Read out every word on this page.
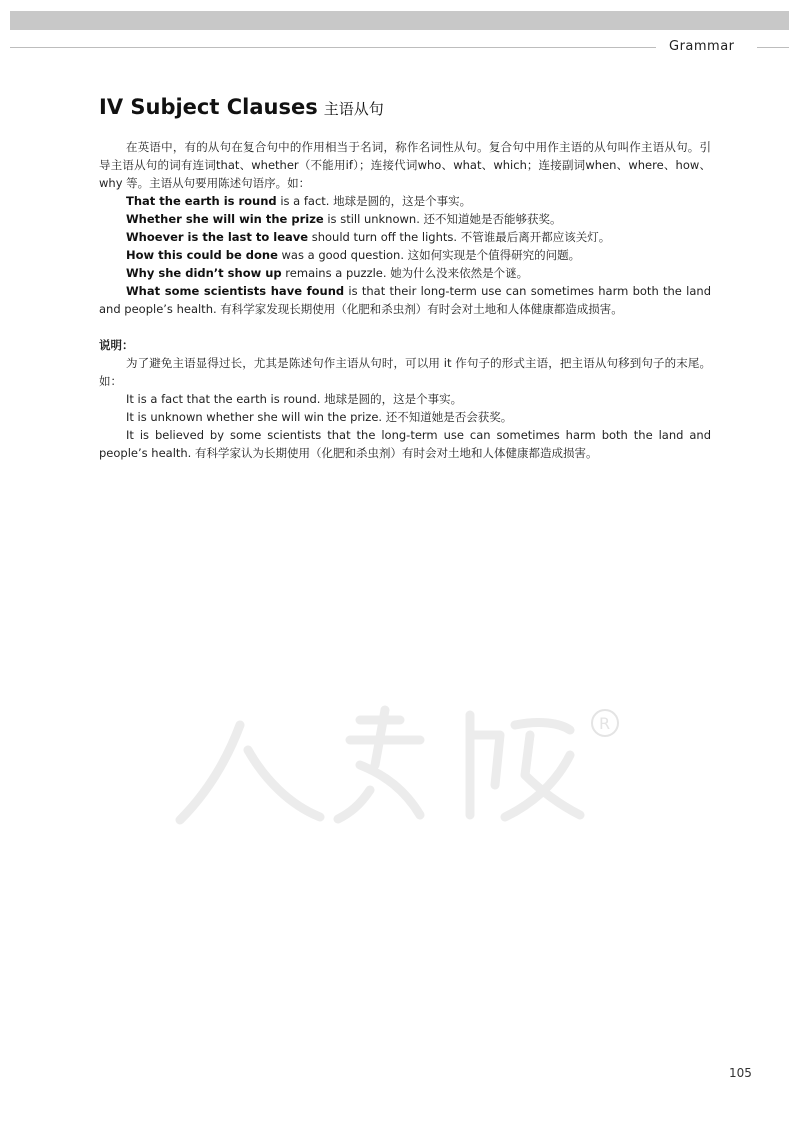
Grammar
IV Subject Clauses 主语从句

在英语中，有的从句在复合句中的作用相当于名词，称作名词性从句。复合句中用作主语的从句叫作主语从句。引导主语从句的词有连词that、whether（不能用if）；连接代词who、what、which；连接副词when、where、how、why 等。主语从句要用陈述句语序。如：

That the earth is round is a fact. 地球是圆的，这是个事实。

Whether she will win the prize is still unknown. 还不知道她是否能够获奖。

Whoever is the last to leave should turn off the lights. 不管谁最后离开都应该关灯。

How this could be done was a good question. 这如何实现是个值得研究的问题。

Why she didn’t show up remains a puzzle. 她为什么没来依然是个谜。

What some scientists have found is that their long-term use can sometimes harm both the land and people’s health. 有科学家发现长期使用（化肥和杀虫剂）有时会对土地和人体健康都造成损害。

说明：

为了避免主语显得过长，尤其是陈述句作主语从句时，可以用 it 作句子的形式主语，把主语从句移到句子的末尾。如：

It is a fact that the earth is round. 地球是圆的，这是个事实。

It is unknown whether she will win the prize. 还不知道她是否会获奖。

It is believed by some scientists that the long-term use can sometimes harm both the land and people’s health. 有科学家认为长期使用（化肥和杀虫剂）有时会对土地和人体健康都造成损害。

R
105
